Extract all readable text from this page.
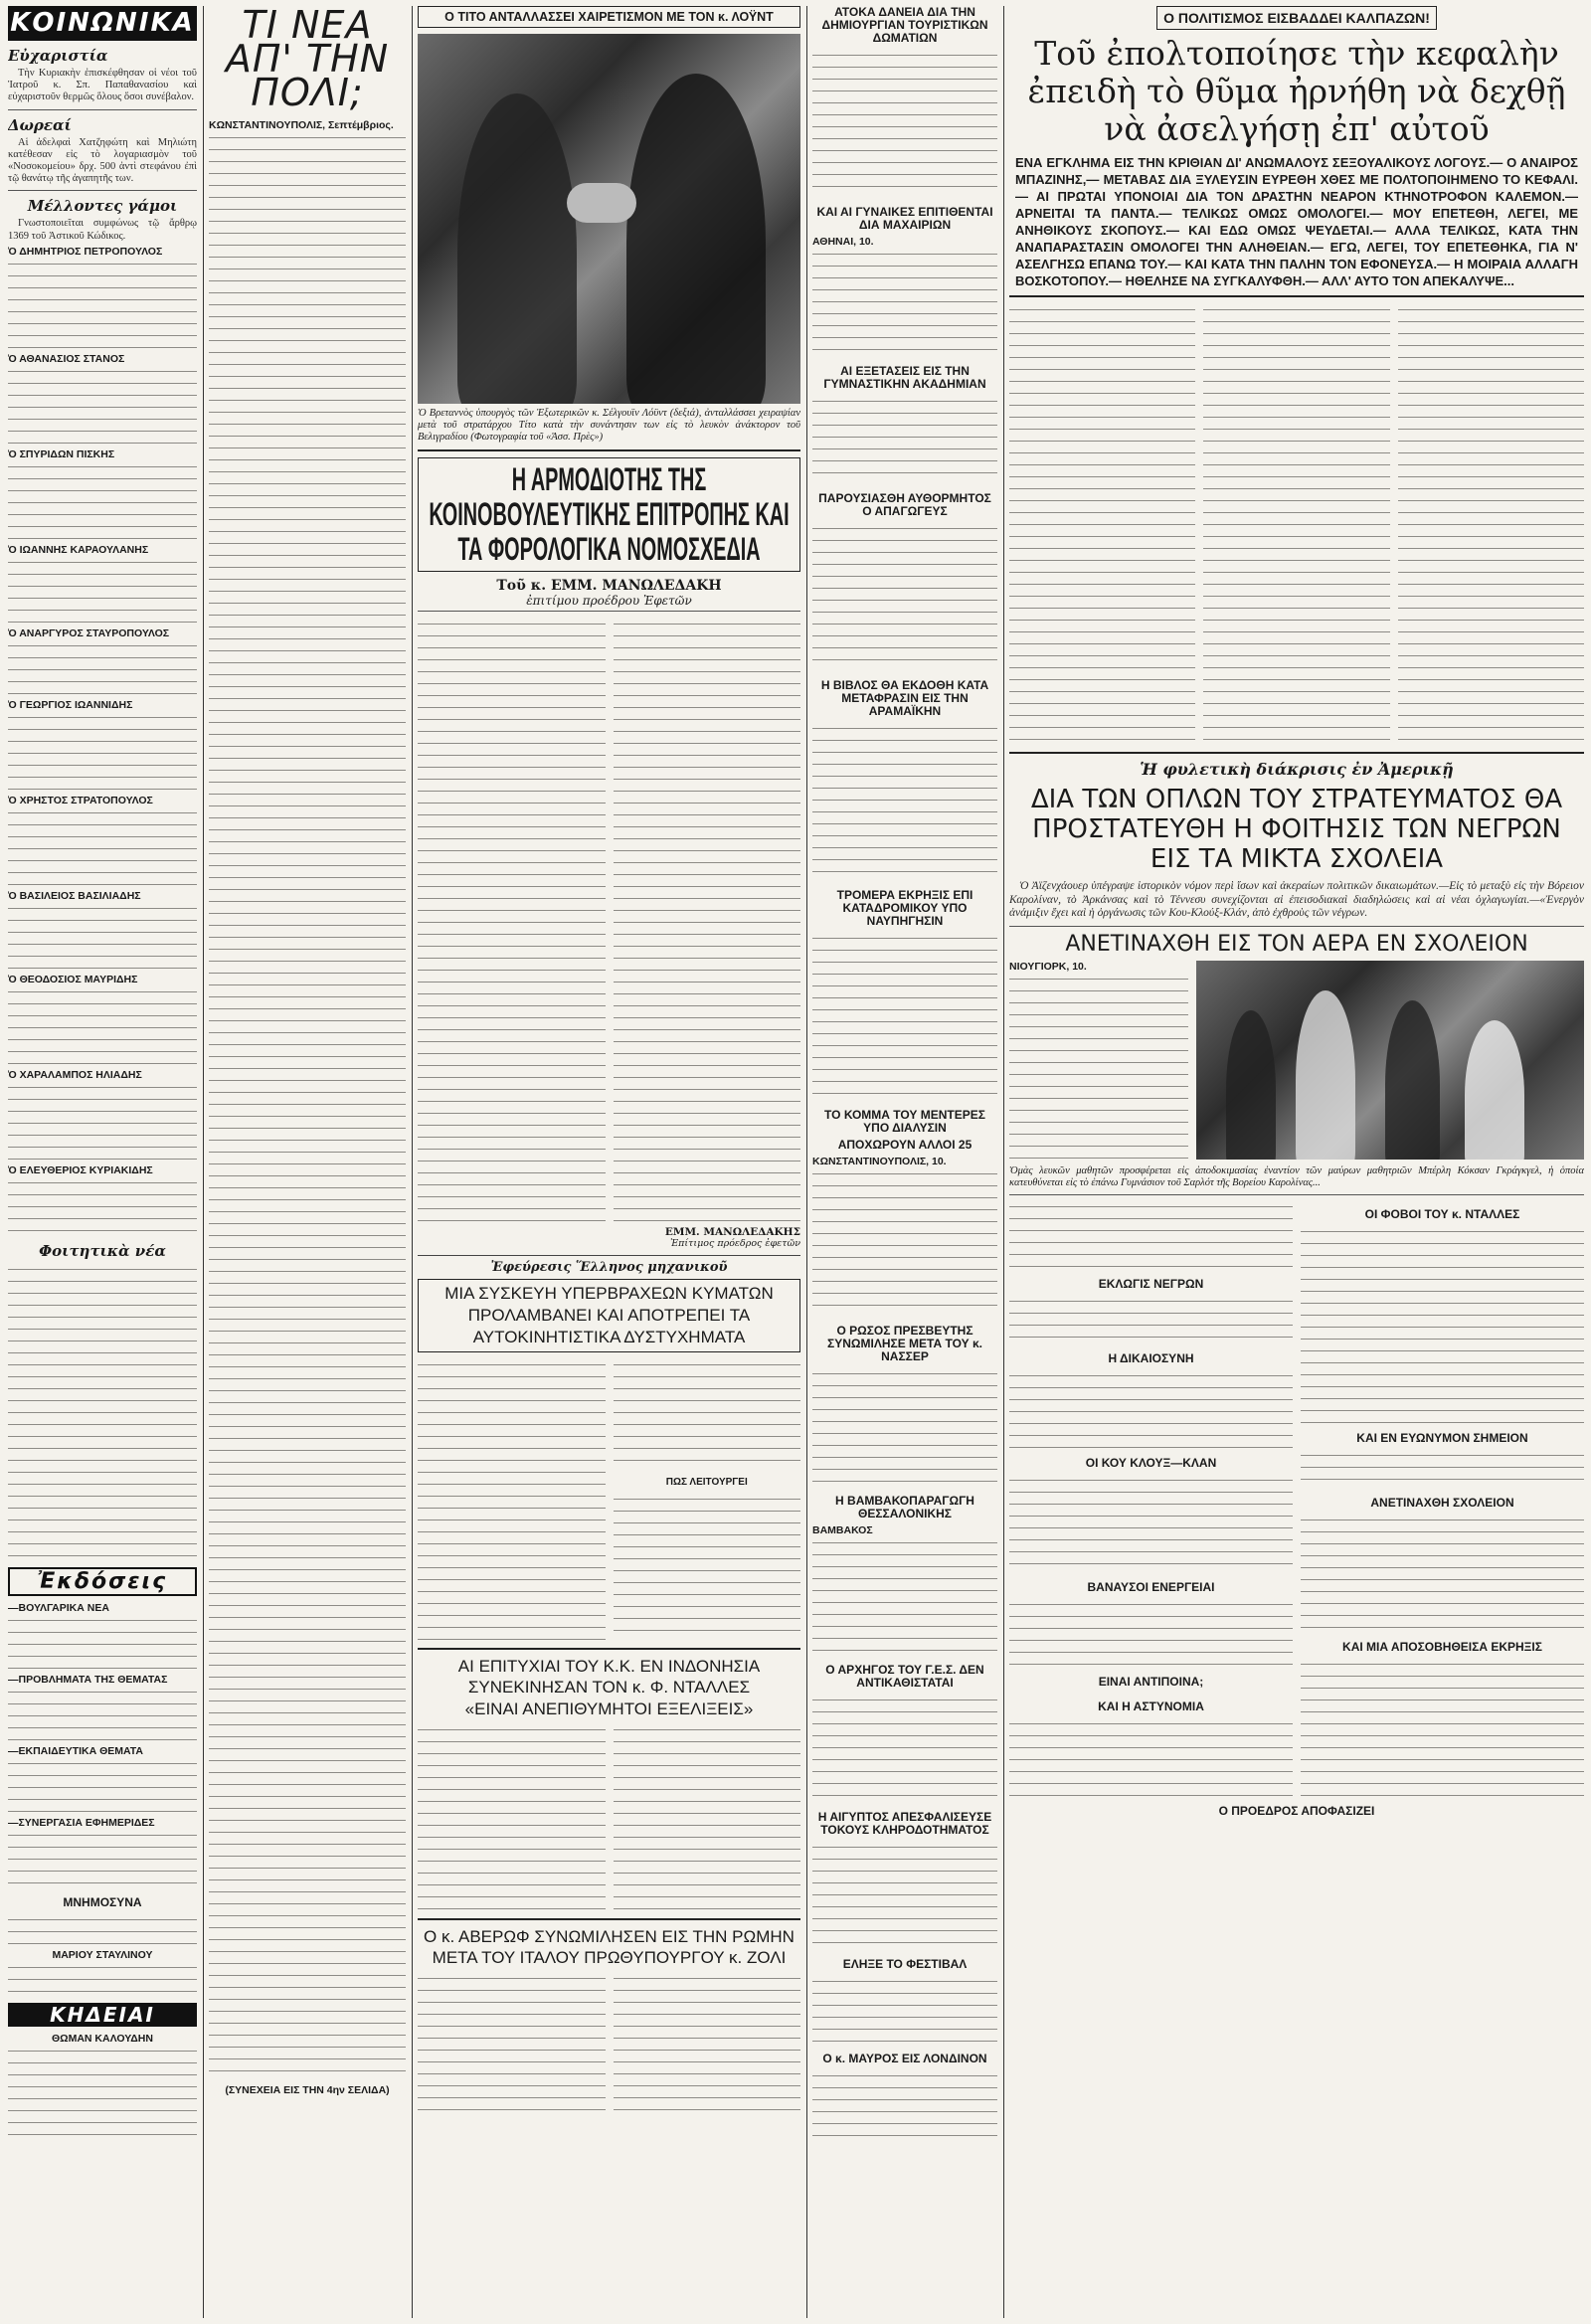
ΚΟΙΝΩΝΙΚΑ
Εὐχαριστία

Τὴν Κυριακὴν ἐπισκέφθησαν οἱ νέοι τοῦ Ἰατροῦ κ. Σπ. Παπαθανασίου καὶ εὐχαριστοῦν θερμῶς ὅλους ὅσοι συνέβαλον.

Δωρεαί

Αἱ ἀδελφαὶ Χατζηφώτη καὶ Μηλιώτη κατέθεσαν εἰς τὸ λογαριασμὸν τοῦ «Νοσοκομείου» δρχ. 500 ἀντὶ στεφάνου ἐπὶ τῷ θανάτῳ τῆς ἀγαπητῆς των.

Μέλλοντες γάμοι

Γνωστοποιεῖται συμφώνως τῷ ἄρθρῳ 1369 τοῦ Ἀστικοῦ Κώδικος.

Ὁ ΔΗΜΗΤΡΙΟΣ ΠΕΤΡΟΠΟΥΛΟΣ
Ὁ ΑΘΑΝΑΣΙΟΣ ΣΤΑΝΟΣ
Ὁ ΣΠΥΡΙΔΩΝ ΠΙΣΚΗΣ
Ὁ ΙΩΑΝΝΗΣ ΚΑΡΑΟΥΛΑΝΗΣ
Ὁ ΑΝΑΡΓΥΡΟΣ ΣΤΑΥΡΟΠΟΥΛΟΣ
Ὁ ΓΕΩΡΓΙΟΣ ΙΩΑΝΝΙΔΗΣ
Ὁ ΧΡΗΣΤΟΣ ΣΤΡΑΤΟΠΟΥΛΟΣ
Ὁ ΒΑΣΙΛΕΙΟΣ ΒΑΣΙΛΙΑΔΗΣ
Ὁ ΘΕΟΔΟΣΙΟΣ ΜΑΥΡΙΔΗΣ
Ὁ ΧΑΡΑΛΑΜΠΟΣ ΗΛΙΑΔΗΣ
Ὁ ΕΛΕΥΘΕΡΙΟΣ ΚΥΡΙΑΚΙΔΗΣ
Φοιτητικὰ νέα
Ἐκδόσεις
—ΒΟΥΛΓΑΡΙΚΑ ΝΕΑ
—ΠΡΟΒΛΗΜΑΤΑ ΤΗΣ ΘΕΜΑΤΑΣ
—ΕΚΠΑΙΔΕΥΤΙΚΑ ΘΕΜΑΤΑ
—ΣΥΝΕΡΓΑΣΙΑ ΕΦΗΜΕΡΙΔΕΣ
ΜΝΗΜΟΣΥΝΑ
ΜΑΡΙΟΥ ΣΤΑΥΛΙΝΟΥ
ΚΗΔΕΙΑΙ
ΘΩΜΑΝ ΚΑΛΟΥΔΗΝ
ΤΙ ΝΕΑ ΑΠ' ΤΗΝ ΠΟΛΙ;
ΚΩΝΣΤΑΝΤΙΝΟΥΠΟΛΙΣ, Σεπτέμβριος.
(ΣΥΝΕΧΕΙΑ ΕΙΣ ΤΗΝ 4ην ΣΕΛΙΔΑ)
Ο ΤΙΤΟ ΑΝΤΑΛΛΑΣΣΕΙ ΧΑΙΡΕΤΙΣΜΟΝ ΜΕ ΤΟΝ κ. ΛΟΫΝΤ

Ὁ Βρεταννὸς ὑπουργὸς τῶν Ἐξωτερικῶν κ. Σέλγουϊν Λόϋντ (δεξιά), ἀνταλλάσσει χειραψίαν μετὰ τοῦ στρατάρχου Τίτο κατὰ τὴν συνάντησιν των εἰς τὸ λευκὸν ἀνάκτορον τοῦ Βελιγραδίου (Φωτογραφία τοῦ «Ἀσσ. Πρὲς»)

Η ΑΡΜΟΔΙΟΤΗΣ ΤΗΣ ΚΟΙΝΟΒΟΥΛΕΥΤΙΚΗΣ ΕΠΙΤΡΟΠΗΣ ΚΑΙ ΤΑ ΦΟΡΟΛΟΓΙΚΑ ΝΟΜΟΣΧΕΔΙΑ
Τοῦ κ. ΕΜΜ. ΜΑΝΩΛΕΔΑΚΗ
ἐπιτίμου προέδρου Ἐφετῶν
ΕΜΜ. ΜΑΝΩΛΕΔΑΚΗΣ
Ἐπίτιμος πρόεδρος ἐφετῶν
Ἐφεύρεσις Ἕλληνος μηχανικοῦ
ΜΙΑ ΣΥΣΚΕΥΗ ΥΠΕΡΒΡΑΧΕΩΝ ΚΥΜΑΤΩΝ ΠΡΟΛΑΜΒΑΝΕΙ ΚΑΙ ΑΠΟΤΡΕΠΕΙ ΤΑ ΑΥΤΟΚΙΝΗΤΙΣΤΙΚΑ ΔΥΣΤΥΧΗΜΑΤΑ
ΠΩΣ ΛΕΙΤΟΥΡΓΕΙ
ΑΙ ΕΠΙΤΥΧΙΑΙ ΤΟΥ Κ.Κ. ΕΝ ΙΝΔΟΝΗΣΙΑ ΣΥΝΕΚΙΝΗΣΑΝ ΤΟΝ κ. Φ. ΝΤΑΛΛΕΣ
«ΕΙΝΑΙ ΑΝΕΠΙΘΥΜΗΤΟΙ ΕΞΕΛΙΞΕΙΣ»
Ο κ. ΑΒΕΡΩΦ ΣΥΝΩΜΙΛΗΣΕΝ ΕΙΣ ΤΗΝ ΡΩΜΗΝ ΜΕΤΑ ΤΟΥ ΙΤΑΛΟΥ ΠΡΩΘΥΠΟΥΡΓΟΥ κ. ΖΟΛΙ
ΑΤΟΚΑ ΔΑΝΕΙΑ ΔΙΑ ΤΗΝ ΔΗΜΙΟΥΡΓΙΑΝ ΤΟΥΡΙΣΤΙΚΩΝ ΔΩΜΑΤΙΩΝ
ΚΑΙ ΑΙ ΓΥΝΑΙΚΕΣ ΕΠΙΤΙΘΕΝΤΑΙ ΔΙΑ ΜΑΧΑΙΡΙΩΝ
ΑΘΗΝΑΙ, 10.
ΑΙ ΕΞΕΤΑΣΕΙΣ ΕΙΣ ΤΗΝ ΓΥΜΝΑΣΤΙΚΗΝ ΑΚΑΔΗΜΙΑΝ
ΠΑΡΟΥΣΙΑΣΘΗ ΑΥΘΟΡΜΗΤΟΣ Ο ΑΠΑΓΩΓΕΥΣ
Η ΒΙΒΛΟΣ ΘΑ ΕΚΔΟΘΗ ΚΑΤΑ ΜΕΤΑΦΡΑΣΙΝ ΕΙΣ ΤΗΝ ΑΡΑΜΑΪΚΗΝ
ΤΡΟΜΕΡΑ ΕΚΡΗΞΙΣ ΕΠΙ ΚΑΤΑΔΡΟΜΙΚΟΥ ΥΠΟ ΝΑΥΠΗΓΗΣΙΝ
ΤΟ ΚΟΜΜΑ ΤΟΥ ΜΕΝΤΕΡΕΣ ΥΠΟ ΔΙΑΛΥΣΙΝ
ΑΠΟΧΩΡΟΥΝ ΑΛΛΟΙ 25
ΚΩΝΣΤΑΝΤΙΝΟΥΠΟΛΙΣ, 10.
Ο ΡΩΣΟΣ ΠΡΕΣΒΕΥΤΗΣ ΣΥΝΩΜΙΛΗΣΕ ΜΕΤΑ ΤΟΥ κ. ΝΑΣΣΕΡ
Η ΒΑΜΒΑΚΟΠΑΡΑΓΩΓΗ ΘΕΣΣΑΛΟΝΙΚΗΣ
ΒΑΜΒΑΚΟΣ
Ο ΑΡΧΗΓΟΣ ΤΟΥ Γ.Ε.Σ. ΔΕΝ ΑΝΤΙΚΑΘΙΣΤΑΤΑΙ
Η ΑΙΓΥΠΤΟΣ ΑΠΕΣΦΑΛΙΣΕΥΣΕ ΤΟΚΟΥΣ ΚΛΗΡΟΔΟΤΗΜΑΤΟΣ
ΕΛΗΞΕ ΤΟ ΦΕΣΤΙΒΑΛ
Ο κ. ΜΑΥΡΟΣ ΕΙΣ ΛΟΝΔΙΝΟΝ
Ο ΠΟΛΙΤΙΣΜΟΣ ΕΙΣΒΑΔΔΕΙ ΚΑΛΠΑΖΩΝ!
Τοῦ ἐπολτοποίησε τὴν κεφαλὴν ἐπειδὴ τὸ θῦμα ἠρνήθη νὰ δεχθῇ νὰ ἀσελγήσῃ ἐπ' αὐτοῦ
ΕΝΑ ΕΓΚΛΗΜΑ ΕΙΣ ΤΗΝ ΚΡΙΘΙΑΝ ΔΙ' ΑΝΩΜΑΛΟΥΣ ΣΕΞΟΥΑΛΙΚΟΥΣ ΛΟΓΟΥΣ.— Ο ΑΝΑΙΡΟΣ ΜΠΑΖΙΝΗΣ,— ΜΕΤΑΒΑΣ ΔΙΑ ΞΥΛΕΥΣΙΝ ΕΥΡΕΘΗ ΧΘΕΣ ΜΕ ΠΟΛΤΟΠΟΙΗΜΕΝΟ ΤΟ ΚΕΦΑΛΙ.— ΑΙ ΠΡΩΤΑΙ ΥΠΟΝΟΙΑΙ ΔΙΑ ΤΟΝ ΔΡΑΣΤΗΝ ΝΕΑΡΟΝ ΚΤΗΝΟΤΡΟΦΟΝ ΚΑΛΕΜΟΝ.— ΑΡΝΕΙΤΑΙ ΤΑ ΠΑΝΤΑ.— ΤΕΛΙΚΩΣ ΟΜΩΣ ΟΜΟΛΟΓΕΙ.— ΜΟΥ ΕΠΕΤΕΘΗ, ΛΕΓΕΙ, ΜΕ ΑΝΗΘΙΚΟΥΣ ΣΚΟΠΟΥΣ.— ΚΑΙ ΕΔΩ ΟΜΩΣ ΨΕΥΔΕΤΑΙ.— ΑΛΛΑ ΤΕΛΙΚΩΣ, ΚΑΤΑ ΤΗΝ ΑΝΑΠΑΡΑΣΤΑΣΙΝ ΟΜΟΛΟΓΕΙ ΤΗΝ ΑΛΗΘΕΙΑΝ.— ΕΓΩ, ΛΕΓΕΙ, ΤΟΥ ΕΠΕΤΕΘΗΚΑ, ΓΙΑ Ν' ΑΣΕΛΓΗΣΩ ΕΠΑΝΩ ΤΟΥ.— ΚΑΙ ΚΑΤΑ ΤΗΝ ΠΑΛΗΝ ΤΟΝ ΕΦΟΝΕΥΣΑ.— Η ΜΟΙΡΑΙΑ ΑΛΛΑΓΗ ΒΟΣΚΟΤΟΠΟΥ.— ΗΘΕΛΗΣΕ ΝΑ ΣΥΓΚΑΛΥΦΘΗ.— ΑΛΛ' ΑΥΤΟ ΤΟΝ ΑΠΕΚΑΛΥΨΕ...
Ἡ φυλετικὴ διάκρισις ἐν Ἀμερικῇ
ΔΙΑ ΤΩΝ ΟΠΛΩΝ ΤΟΥ ΣΤΡΑΤΕΥΜΑΤΟΣ ΘΑ ΠΡΟΣΤΑΤΕΥΘΗ Η ΦΟΙΤΗΣΙΣ ΤΩΝ ΝΕΓΡΩΝ ΕΙΣ ΤΑ ΜΙΚΤΑ ΣΧΟΛΕΙΑ

Ὁ Ἀϊζενχάουερ ὑπέγραψε ἱστορικὸν νόμον περὶ ἴσων καὶ ἀκεραίων πολιτικῶν δικαιωμάτων.—Εἰς τὸ μεταξὺ εἰς τὴν Βόρειον Καρολίναν, τὸ Ἀρκάνσας καὶ τὸ Τέννεσυ συνεχίζονται αἱ ἐπεισοδιακαὶ διαδηλώσεις καὶ αἱ νέαι ὀχλαγωγίαι.—«Ἐνεργὸν ἀνάμιξιν ἔχει καὶ ἡ ὀργάνωσις τῶν Κου-Κλούξ-Κλάν, ἀπὸ ἐχθροὺς τῶν νέγρων.

ΑΝΕΤΙΝΑΧΘΗ ΕΙΣ ΤΟΝ ΑΕΡΑ ΕΝ ΣΧΟΛΕΙΟΝ
ΝΙΟΥΓΙΟΡΚ, 10.

Ὁμὰς λευκῶν μαθητῶν προσφέρεται εἰς ἀποδοκιμασίας ἐναντίον τῶν μαύρων μαθητριῶν Μπέρλη Κόκσαν Γκράγκγελ, ἡ ὁποία κατευθύνεται εἰς τὸ ἐπάνω Γυμνάσιον τοῦ Σαρλότ τῆς Βορείου Καρολίνας...

ΕΚΛΩΓΙΣ ΝΕΓΡΩΝ
Η ΔΙΚΑΙΟΣΥΝΗ
ΟΙ ΚΟΥ ΚΛΟΥΞ—ΚΛΑΝ
ΒΑΝΑΥΣΟΙ ΕΝΕΡΓΕΙΑΙ
ΕΙΝΑΙ ΑΝΤΙΠΟΙΝΑ;
ΚΑΙ Η ΑΣΤΥΝΟΜΙΑ
ΟΙ ΦΟΒΟΙ ΤΟΥ κ. ΝΤΑΛΛΕΣ
ΚΑΙ ΕΝ ΕΥΩΝΥΜΟΝ ΣΗΜΕΙΟΝ
ΑΝΕΤΙΝΑΧΘΗ ΣΧΟΛΕΙΟΝ
ΚΑΙ ΜΙΑ ΑΠΟΣΟΒΗΘΕΙΣΑ ΕΚΡΗΞΙΣ
Ο ΠΡΟΕΔΡΟΣ ΑΠΟΦΑΣΙΖΕΙ
